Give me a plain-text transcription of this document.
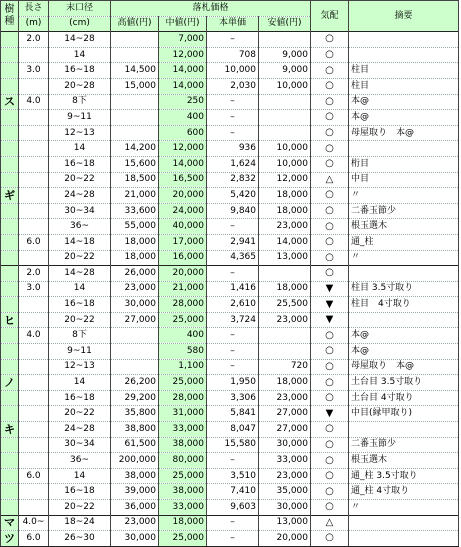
樹種	長さ	末口径	落札価格				気配	摘要
	(m)	(cm)	高値(円)	中値(円)	本単価	安値(円)		
	2.0	14~28		7,000	–		○	
		14		12,000	708	9,000	○	
	3.0	16~18	14,500	14,000	10,000	9,000	○	柱目
		20~28	15,000	14,000	2,030	10,000	○	柱目
ス	4.0	8下		250	–		○	本@
		9~11		400	–		○	本@
		12~13		600	–		○	母屋取り　本@
		14	14,200	12,000	936	10,000	○	
		16~18	15,600	14,000	1,624	10,000	○	桁目
		20~22	18,500	16,500	2,832	12,000	△	中目
ギ		24~28	21,000	20,000	5,420	18,000	○	〃
		30~34	33,600	24,000	9,840	18,000	○	二番玉節少
		36~	55,000	40,000	–	23,000	○	根玉選木
	6.0	14~18	18,000	17,000	2,941	14,000	○	通_柱
		20~22	18,000	16,000	4,365	13,000	○	〃
	2.0	14~28	26,000	20,000	–		○	
	3.0	14	23,000	21,000	1,416	18,000	▼	柱目 3.5寸取り
		16~18	30,000	28,000	2,610	25,500	▼	柱目　4寸取り
ヒ		20~22	27,000	25,000	3,724	23,000	▼	
	4.0	8下		400	–		○	本@
		9~11		580	–		○	本@
		12~13		1,100	–	720	○	母屋取り　本@
ノ		14	26,200	25,000	1,950	18,000	○	土台目 3.5寸取り
		16~18	29,200	28,000	3,306	23,000	○	土台目 4寸取り
		20~22	35,800	31,000	5,841	27,000	▼	中目(縁甲取り)
キ		24~28	38,800	33,000	8,047	27,000	○	
		30~34	61,500	38,000	15,580	30,000	○	二番玉節少
		36~	200,000	80,000	–	33,000	○	根玉選木
	6.0	14	38,000	25,000	3,510	23,000	○	通_柱 3.5寸取り
		16~18	39,000	38,000	7,410	35,000	○	通_柱 4寸取り
		20~22	36,000	33,000	9,603	30,000	○	〃
マ	4.0~	18~24	23,000	18,000	–	13,000	△	
ツ	6.0	26~30	30,000	25,000	–	20,000	○	
